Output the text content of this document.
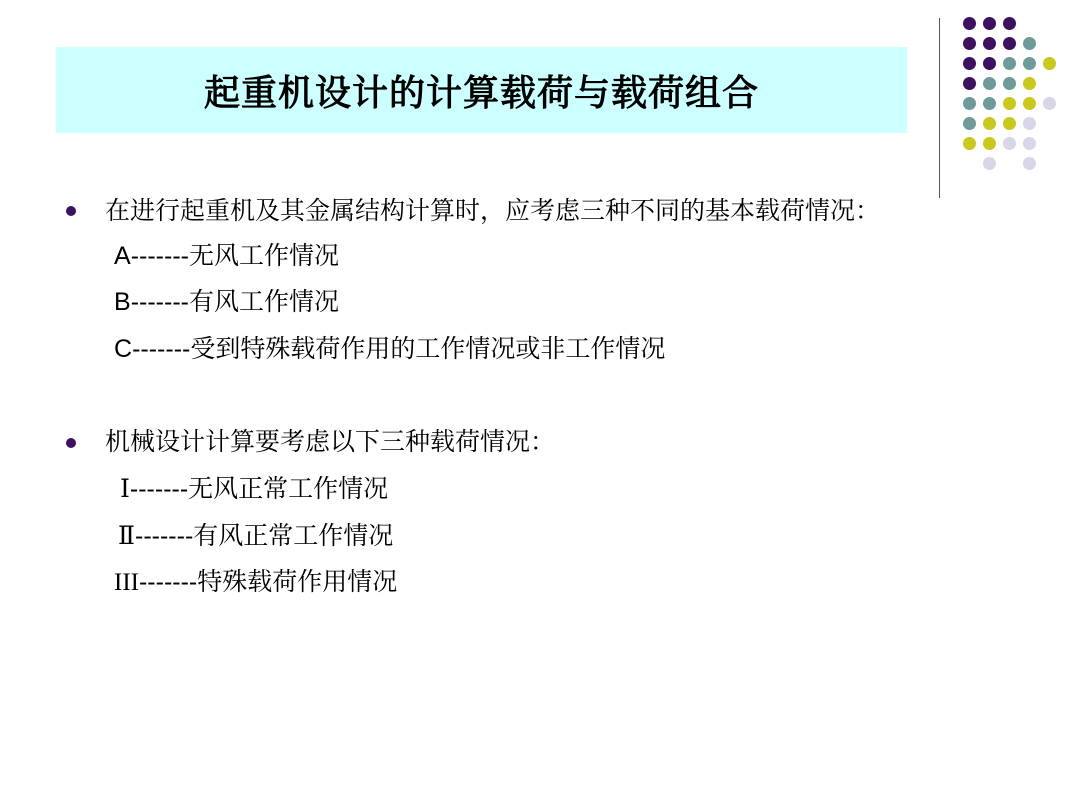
起重机设计的计算载荷与载荷组合
在进行起重机及其金属结构计算时，应考虑三种不同的基本载荷情况：
A-------无风工作情况
B-------有风工作情况
C-------受到特殊载荷作用的工作情况或非工作情况
机械设计计算要考虑以下三种载荷情况：
Ⅰ-------无风正常工作情况
Ⅱ-------有风正常工作情况
III-------特殊载荷作用情况
